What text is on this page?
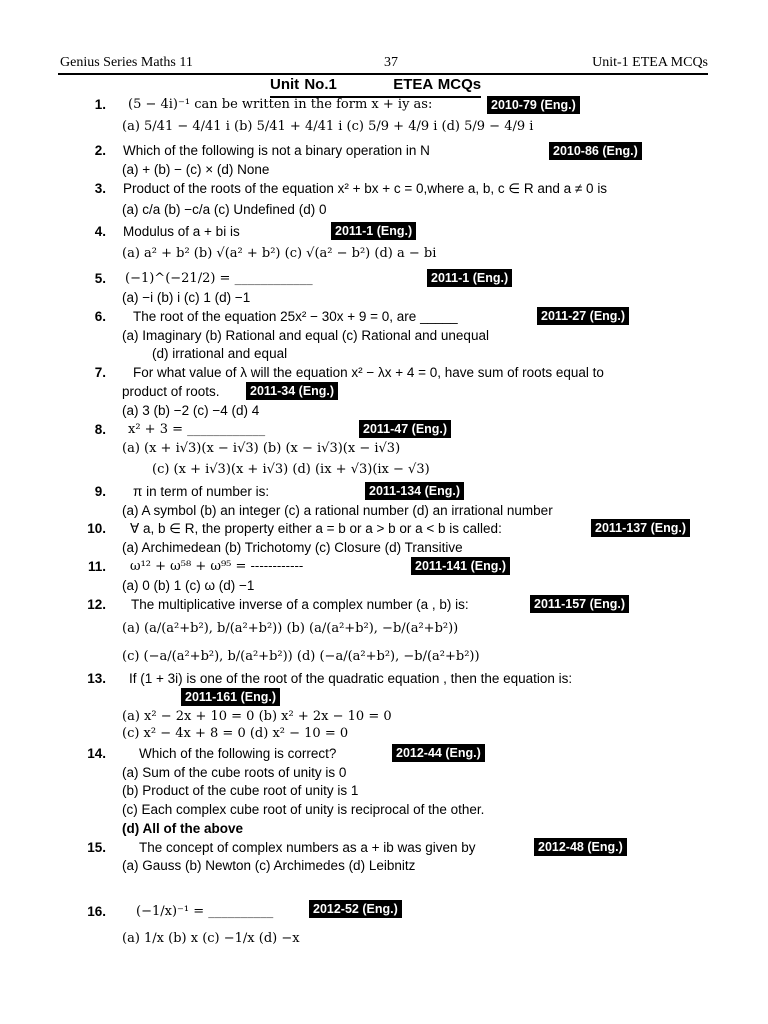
Genius Series Maths 11	37	Unit-1 ETEA MCQs
Unit No.1	ETEA MCQs
1. (5 − 4i)⁻¹ can be written in the form x + iy as:	2010-79 (Eng.)
(a) 5/41 − 4/41 i (b) 5/41 + 4/41 i (c) 5/9 + 4/9 i (d) 5/9 − 4/9 i
2. Which of the following is not a binary operation in N	2010-86 (Eng.)
(a) + (b) − (c) × (d) None
3. Product of the roots of the equation x² + bx + c = 0,where a, b, c ∈ R and a ≠ 0 is
(a) c/a (b) −c/a (c) Undefined (d) 0
4. Modulus of a + bi is	2011-1 (Eng.)
(a) a² + b² (b) √(a² + b²) (c) √(a² − b²) (d) a − bi
5. (−1)^(−21/2) = ____________	2011-1 (Eng.)
(a) −i (b) i (c) 1 (d) −1
6. The root of the equation 25x² − 30x + 9 = 0, are _____	2011-27 (Eng.)
(a) Imaginary (b) Rational and equal (c) Rational and unequal
(d) irrational and equal
7. For what value of λ will the equation x² − λx + 4 = 0, have sum of roots equal to
product of roots.	2011-34 (Eng.)
(a) 3 (b) −2 (c) −4 (d) 4
8. x² + 3 = ____________	2011-47 (Eng.)
(a) (x + i√3)(x − i√3) (b) (x − i√3)(x − i√3)
(c) (x + i√3)(x + i√3) (d) (ix + √3)(ix − √3)
9. π in term of number is:	2011-134 (Eng.)
(a) A symbol (b) an integer (c) a rational number (d) an irrational number
10. ∀ a, b ∈ R, the property either a = b or a > b or a < b is called:	2011-137 (Eng.)
(a) Archimedean (b) Trichotomy (c) Closure (d) Transitive
11. ω¹² + ω⁵⁸ + ω⁹⁵ = ------------	2011-141 (Eng.)
(a) 0 (b) 1 (c) ω (d) −1
12. The multiplicative inverse of a complex number (a , b) is:	2011-157 (Eng.)
(a) (a/(a²+b²), b/(a²+b²)) (b) (a/(a²+b²), −b/(a²+b²))
(c) (−a/(a²+b²), b/(a²+b²)) (d) (−a/(a²+b²), −b/(a²+b²))
13. If (1 + 3i) is one of the root of the quadratic equation , then the equation is:
2011-161 (Eng.)
(a) x² − 2x + 10 = 0 (b) x² + 2x − 10 = 0
(c) x² − 4x + 8 = 0 (d) x² − 10 = 0
14. Which of the following is correct?	2012-44 (Eng.)
(a) Sum of the cube roots of unity is 0
(b) Product of the cube root of unity is 1
(c) Each complex cube root of unity is reciprocal of the other.
(d) All of the above
15. The concept of complex numbers as a + ib was given by	2012-48 (Eng.)
(a) Gauss (b) Newton (c) Archimedes (d) Leibnitz
16. (−1/x)⁻¹ = __________	2012-52 (Eng.)
(a) 1/x (b) x (c) −1/x (d) −x
